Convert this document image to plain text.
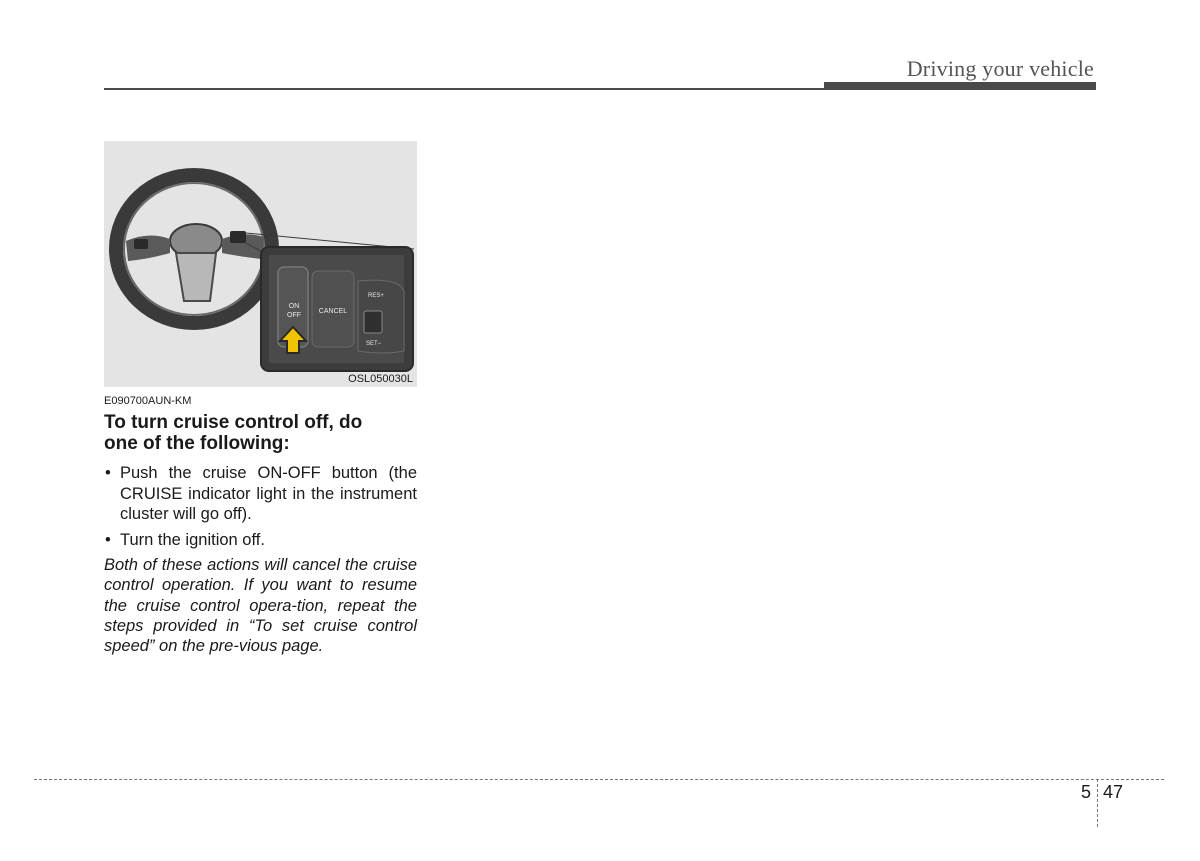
Driving your vehicle
ON
OFF
CANCEL
RES+
SET−
OSL050030L
E090700AUN-KM
To turn cruise control off, do
one of the following:
• Push the cruise ON-OFF button (the CRUISE indicator light in the instrument cluster will go off).
• Turn the ignition off.

Both of these actions will cancel the cruise control operation. If you want to resume the cruise control opera-tion, repeat the steps provided in “To set cruise control speed” on the pre-vious page.

5 47
